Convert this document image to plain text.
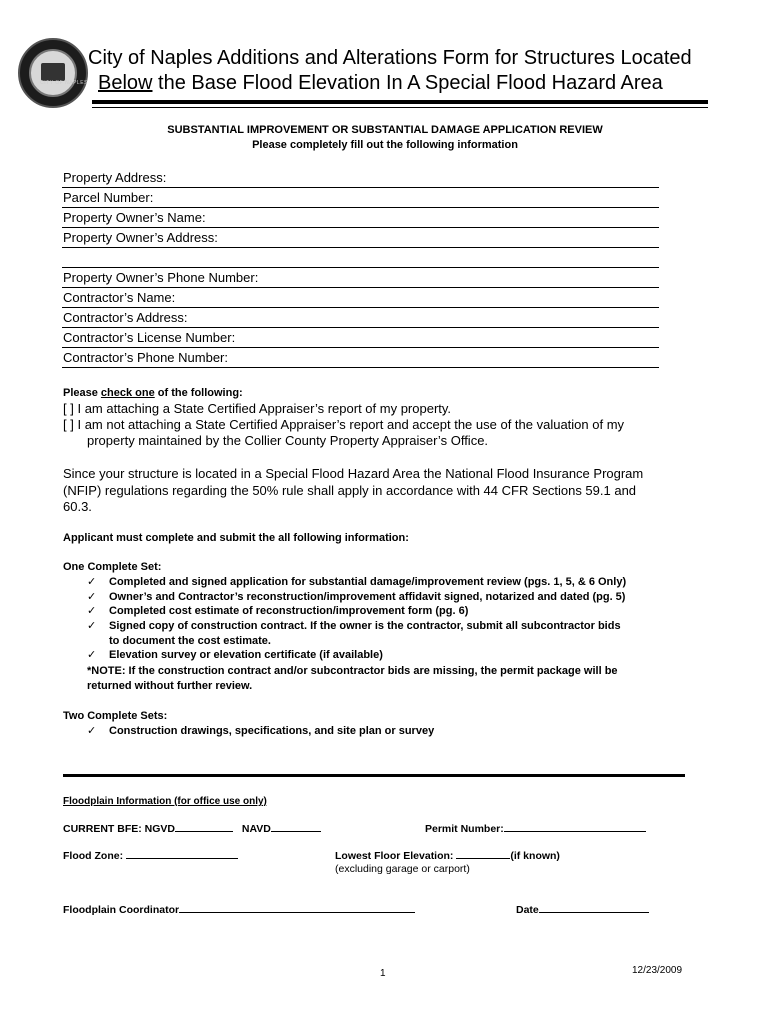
CITY OF NAPLES
City of Naples Additions and Alterations Form for Structures Located
Below the Base Flood Elevation In A Special Flood Hazard Area
SUBSTANTIAL IMPROVEMENT OR SUBSTANTIAL DAMAGE APPLICATION REVIEW
Please completely fill out the following information
Property Address:
Parcel Number:
Property Owner’s Name:
Property Owner’s Address:
Property Owner’s Phone Number:
Contractor’s Name:
Contractor’s Address:
Contractor’s License Number:
Contractor’s Phone Number:
Please check one of the following:
[ ] I am attaching a State Certified Appraiser’s report of my property.
[ ] I am not attaching a State Certified Appraiser’s report and accept the use of the valuation of my
property maintained by the Collier County Property Appraiser’s Office.
Since your structure is located in a Special Flood Hazard Area the National Flood Insurance Program
(NFIP) regulations regarding the 50% rule shall apply in accordance with 44 CFR Sections 59.1 and
60.3.
Applicant must complete and submit the all following information:
One Complete Set:
✓ Completed and signed application for substantial damage/improvement review (pgs. 1, 5, & 6 Only)
✓ Owner’s and Contractor’s reconstruction/improvement affidavit signed, notarized and dated (pg. 5)
✓ Completed cost estimate of reconstruction/improvement form (pg. 6)
✓ Signed copy of construction contract. If the owner is the contractor, submit all subcontractor bids
to document the cost estimate.
✓ Elevation survey or elevation certificate (if available)
*NOTE: If the construction contract and/or subcontractor bids are missing, the permit package will be
returned without further review.
Two Complete Sets:
✓ Construction drawings, specifications, and site plan or survey
Floodplain Information (for office use only)
CURRENT BFE: NGVD	NAVD	Permit Number:
Flood Zone:	Lowest Floor Elevation:	(if known)
(excluding garage or carport)
Floodplain Coordinator	Date
1	12/23/2009
